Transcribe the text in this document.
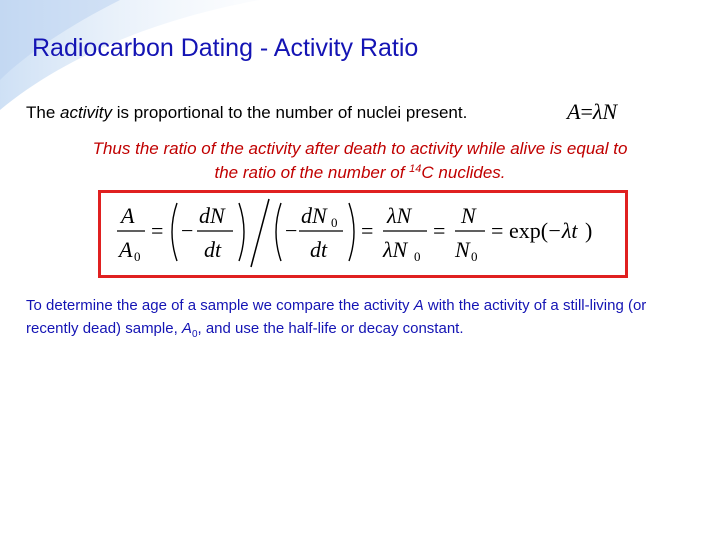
Radiocarbon Dating - Activity Ratio
The activity is proportional to the number of nuclei present.	A=λN
Thus the ratio of the activity after death to activity while alive is equal to
the ratio of the number of $^{14}$C nuclides.
A
A 0
= −
dN
dt
−
dN 0
dt
=
λN
λN 0
=
N
N 0
= exp(
−λt )
To determine the age of a sample we compare the activity A with the activity of a still-living (or recently dead) sample, $A_0$, and use the half-life or decay constant.
